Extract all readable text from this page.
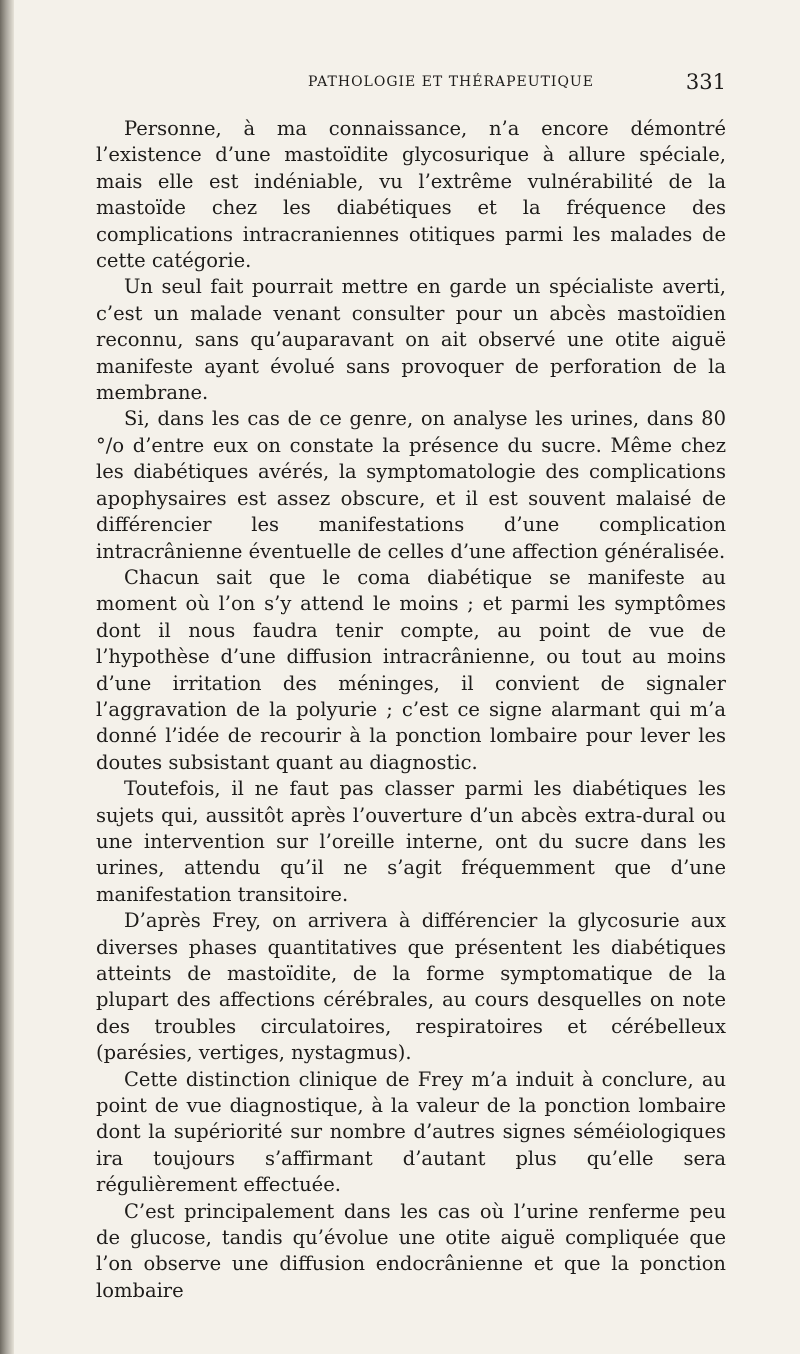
PATHOLOGIE ET THÉRAPEUTIQUE	331

Personne, à ma connaissance, n’a encore démontré l’existence d’une mastoïdite glycosurique à allure spéciale, mais elle est indéniable, vu l’extrême vulnérabilité de la mastoïde chez les diabétiques et la fréquence des complications intracraniennes otitiques parmi les malades de cette catégorie.

Un seul fait pourrait mettre en garde un spécialiste averti, c’est un malade venant consulter pour un abcès mastoïdien reconnu, sans qu’auparavant on ait observé une otite aiguë manifeste ayant évolué sans provoquer de perforation de la membrane.

Si, dans les cas de ce genre, on analyse les urines, dans 80 °/o d’entre eux on constate la présence du sucre. Même chez les diabétiques avérés, la symptomatologie des complications apophysaires est assez obscure, et il est souvent malaisé de différencier les manifestations d’une complication intracrânienne éventuelle de celles d’une affection généralisée.

Chacun sait que le coma diabétique se manifeste au moment où l’on s’y attend le moins ; et parmi les symptômes dont il nous faudra tenir compte, au point de vue de l’hypothèse d’une diffusion intracrânienne, ou tout au moins d’une irritation des méninges, il convient de signaler l’aggravation de la polyurie ; c’est ce signe alarmant qui m’a donné l’idée de recourir à la ponction lombaire pour lever les doutes subsistant quant au diagnostic.

Toutefois, il ne faut pas classer parmi les diabétiques les sujets qui, aussitôt après l’ouverture d’un abcès extra-dural ou une intervention sur l’oreille interne, ont du sucre dans les urines, attendu qu’il ne s’agit fréquemment que d’une manifestation transitoire.

D’après Frey, on arrivera à différencier la glycosurie aux diverses phases quantitatives que présentent les diabétiques atteints de mastoïdite, de la forme symptomatique de la plupart des affections cérébrales, au cours desquelles on note des troubles circulatoires, respiratoires et cérébelleux (parésies, vertiges, nystagmus).

Cette distinction clinique de Frey m’a induit à conclure, au point de vue diagnostique, à la valeur de la ponction lombaire dont la supériorité sur nombre d’autres signes séméiologiques ira toujours s’affirmant d’autant plus qu’elle sera régulièrement effectuée.

C’est principalement dans les cas où l’urine renferme peu de glucose, tandis qu’évolue une otite aiguë compliquée que l’on observe une diffusion endocrânienne et que la ponction lombaire
